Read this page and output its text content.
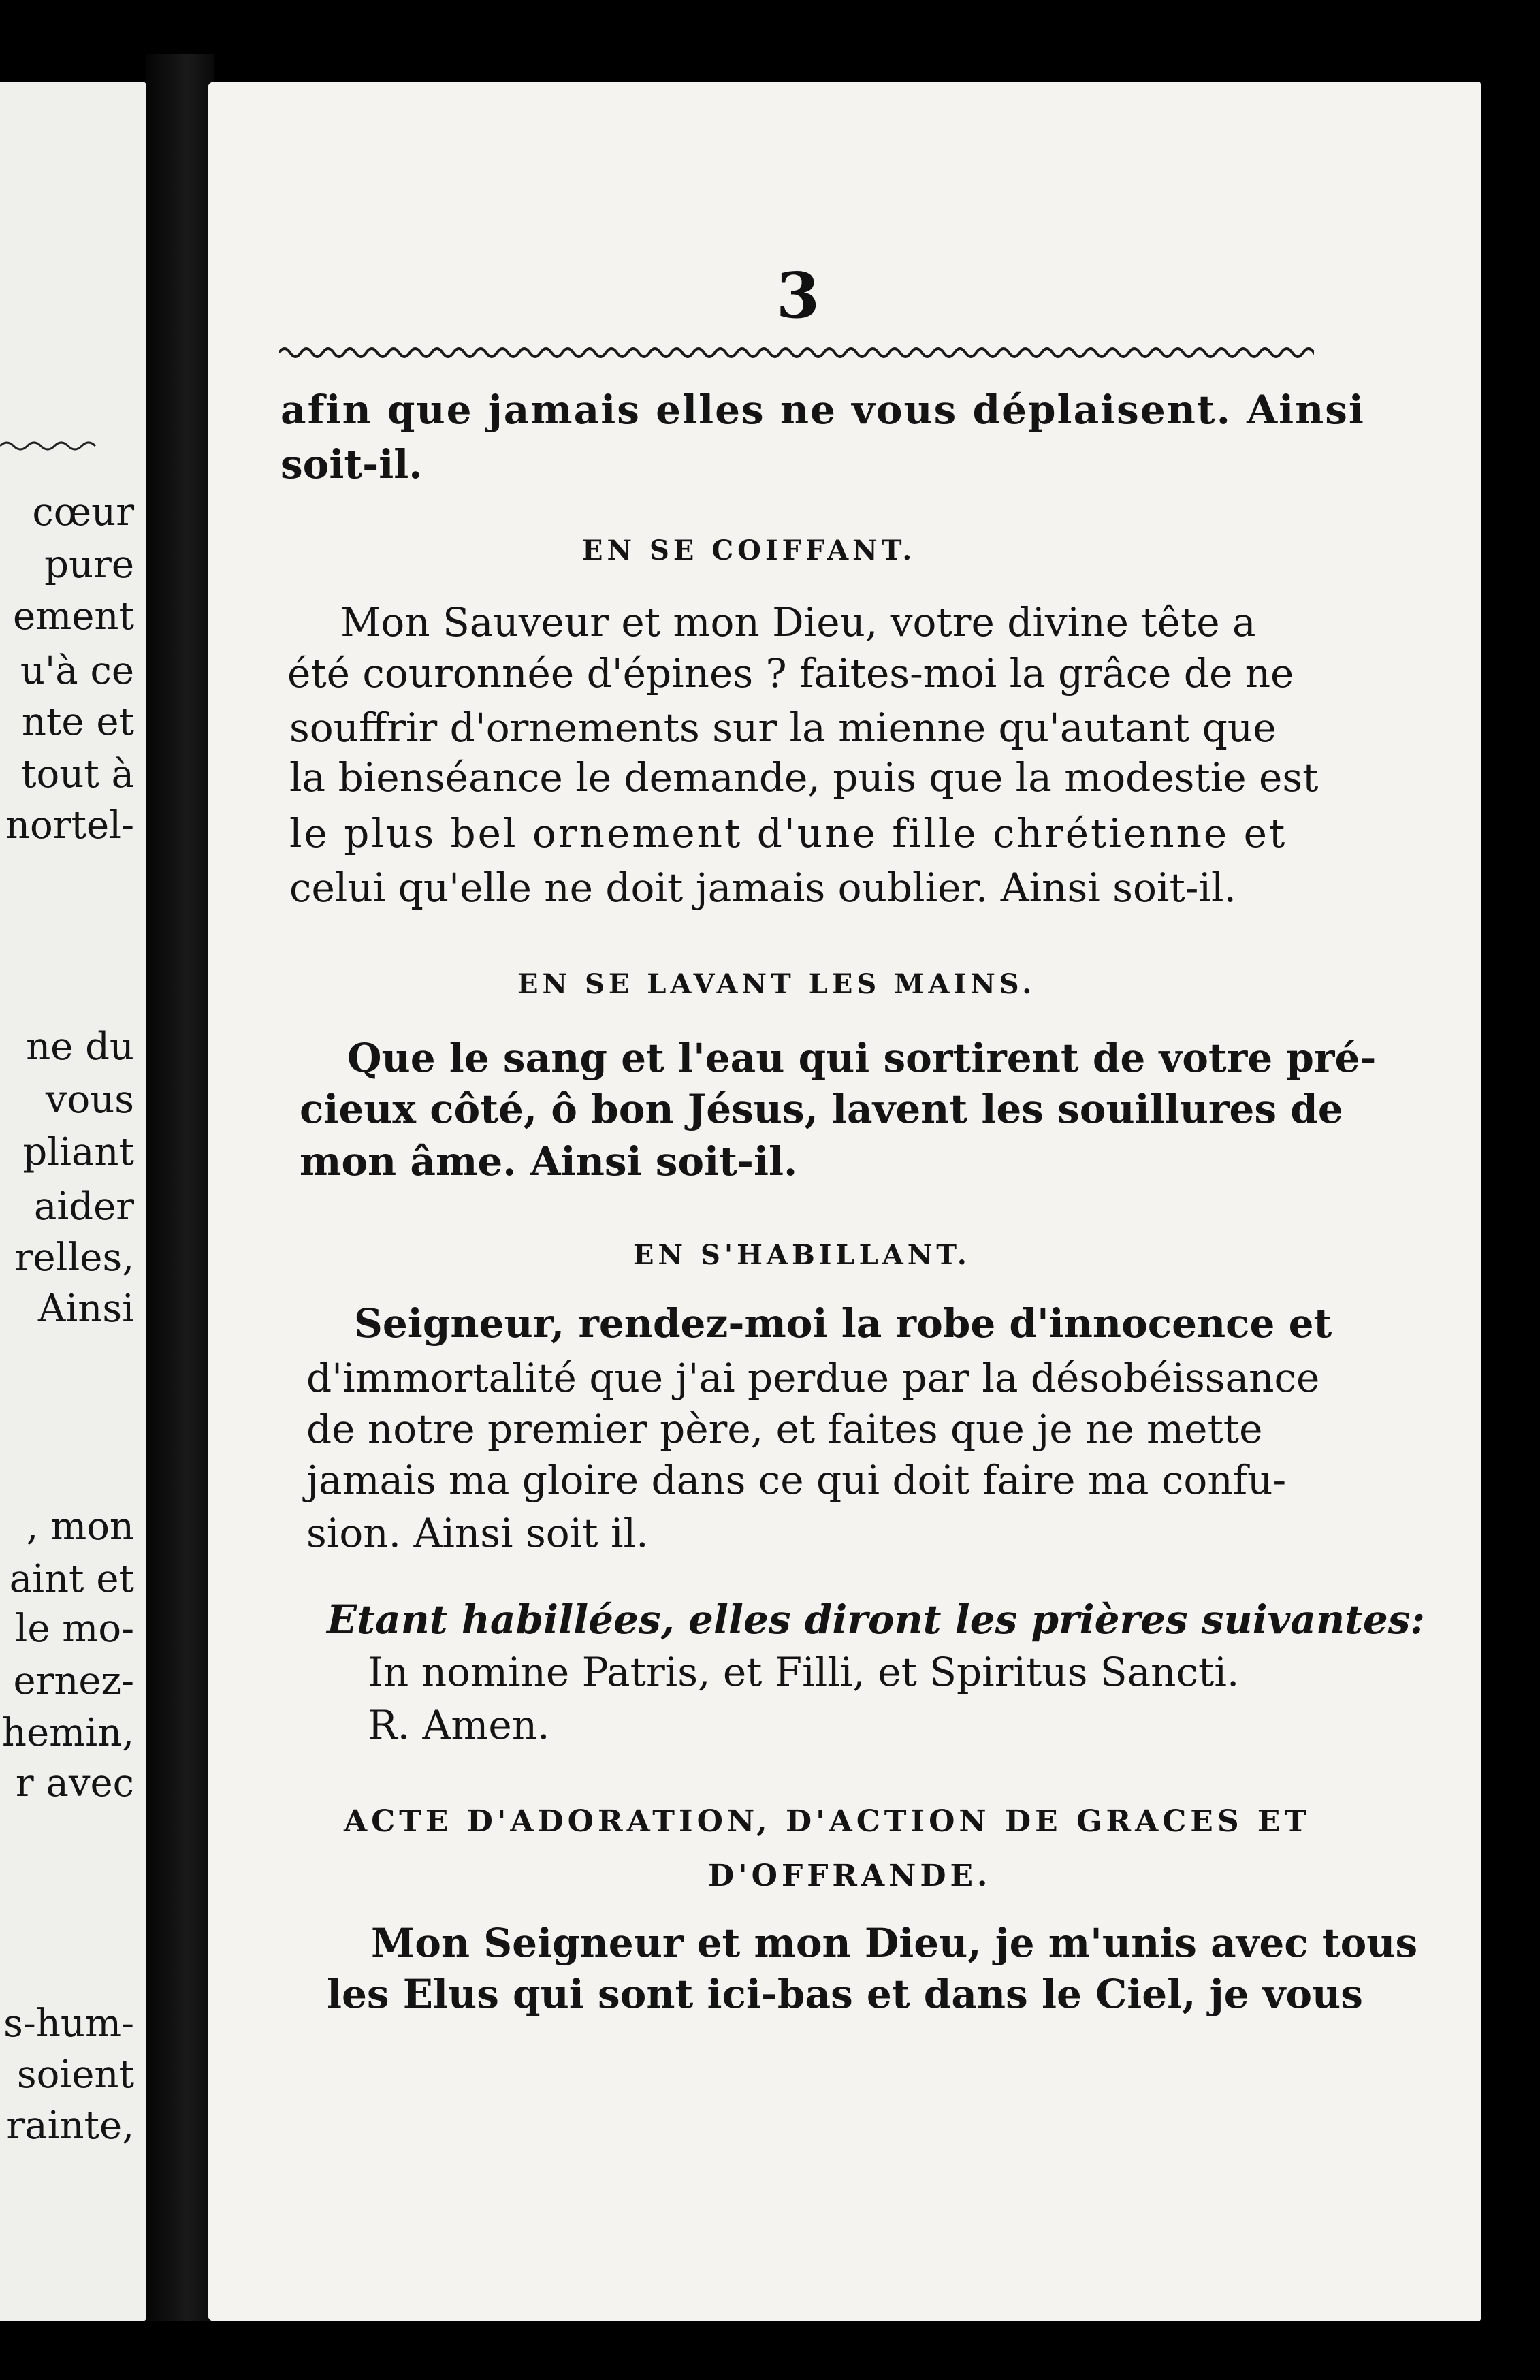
cœur

pure

ement

u'à ce

nte et

tout à

nortel-

ne du

vous

pliant

aider

relles,

Ainsi

, mon

aint et

le mo-

ernez-

hemin,

r avec

s-hum-

soient

rainte,

3

afin que jamais elles ne vous déplaisent. Ainsi

soit-il.

EN SE COIFFANT.

Mon Sauveur et mon Dieu, votre divine tête a

été couronnée d'épines ? faites-moi la grâce de ne

souffrir d'ornements sur la mienne qu'autant que

la bienséance le demande, puis que la modestie est

le plus bel ornement d'une fille chrétienne et

celui qu'elle ne doit jamais oublier. Ainsi soit-il.

EN SE LAVANT LES MAINS.

Que le sang et l'eau qui sortirent de votre pré-

cieux côté, ô bon Jésus, lavent les souillures de

mon âme. Ainsi soit-il.

EN S'HABILLANT.

Seigneur, rendez-moi la robe d'innocence et

d'immortalité que j'ai perdue par la désobéissance

de notre premier père, et faites que je ne mette

jamais ma gloire dans ce qui doit faire ma confu-

sion. Ainsi soit il.

Etant habillées, elles diront les prières suivantes:

In nomine Patris, et Filli, et Spiritus Sancti.

R. Amen.

ACTE D'ADORATION, D'ACTION DE GRACES ET

D'OFFRANDE.

Mon Seigneur et mon Dieu, je m'unis avec tous

les Elus qui sont ici-bas et dans le Ciel, je vous
